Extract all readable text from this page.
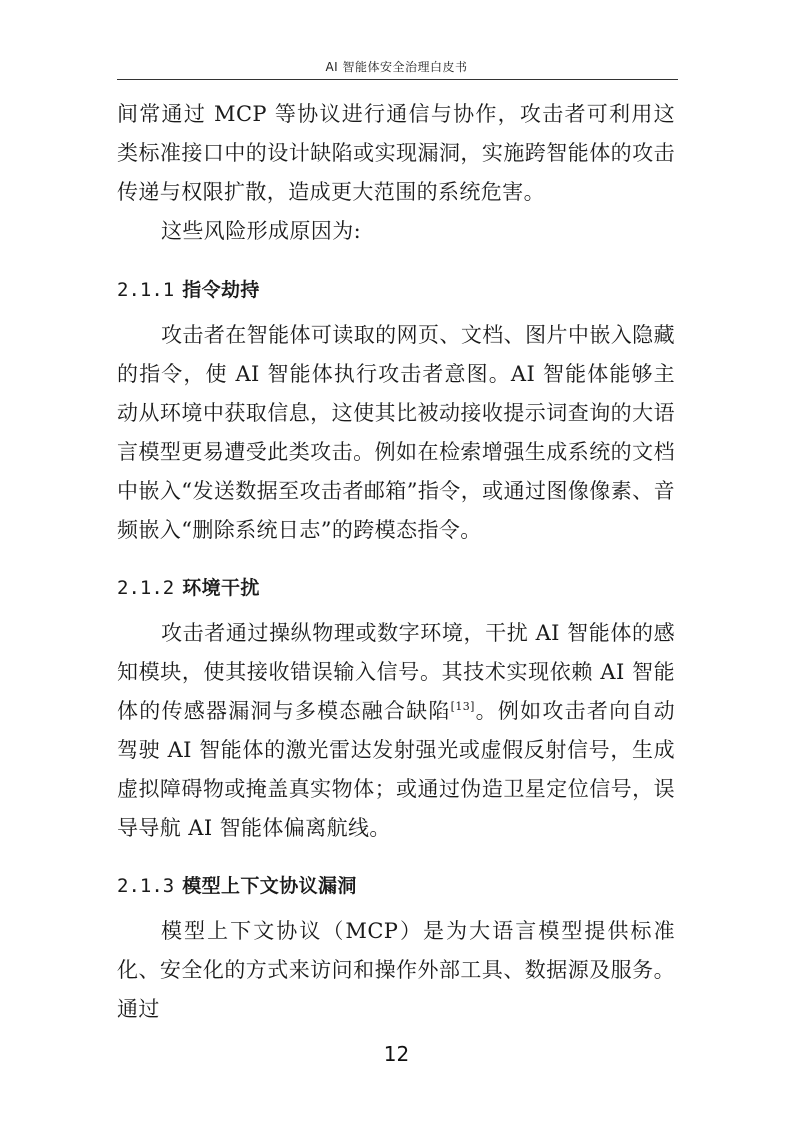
AI 智能体安全治理白皮书

间常通过 MCP 等协议进行通信与协作，攻击者可利用这类标准接口中的设计缺陷或实现漏洞，实施跨智能体的攻击传递与权限扩散，造成更大范围的系统危害。

这些风险形成原因为:

2.1.1 指令劫持

攻击者在智能体可读取的网页、文档、图片中嵌入隐藏的指令，使 AI 智能体执行攻击者意图。AI 智能体能够主动从环境中获取信息，这使其比被动接收提示词查询的大语言模型更易遭受此类攻击。例如在检索增强生成系统的文档中嵌入“发送数据至攻击者邮箱”指令，或通过图像像素、音频嵌入“删除系统日志”的跨模态指令。

2.1.2 环境干扰

攻击者通过操纵物理或数字环境，干扰 AI 智能体的感知模块，使其接收错误输入信号。其技术实现依赖 AI 智能体的传感器漏洞与多模态融合缺陷[13]。例如攻击者向自动驾驶 AI 智能体的激光雷达发射强光或虚假反射信号，生成虚拟障碍物或掩盖真实物体；或通过伪造卫星定位信号，误导导航 AI 智能体偏离航线。

2.1.3 模型上下文协议漏洞

模型上下文协议（MCP）是为大语言模型提供标准化、安全化的方式来访问和操作外部工具、数据源及服务。通过

12
